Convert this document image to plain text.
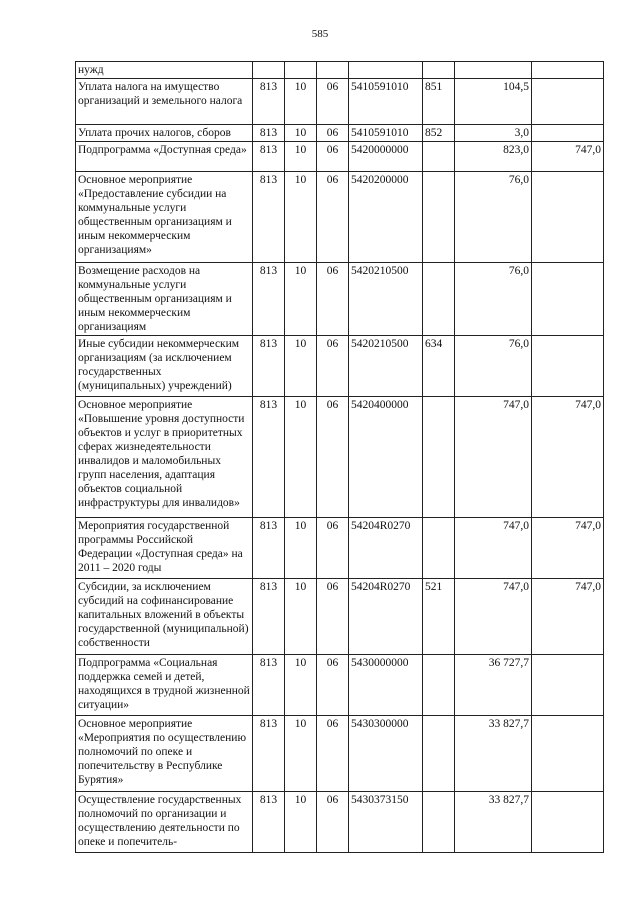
585
нужд							
Уплата налога на имущество организаций и земельного налога	813	10	06	5410591010	851	104,5	
Уплата прочих налогов, сборов	813	10	06	5410591010	852	3,0	
Подпрограмма «Доступная среда»	813	10	06	5420000000		823,0	747,0
Основное мероприятие «Предоставление субсидии на коммунальные услуги общественным организациям и иным некоммерческим организациям»	813	10	06	5420200000		76,0	
Возмещение расходов на коммунальные услуги общественным организациям и иным некоммерческим организациям	813	10	06	5420210500		76,0	
Иные субсидии некоммерческим организациям (за исключением государственных (муниципальных) учреждений)	813	10	06	5420210500	634	76,0	
Основное мероприятие «Повышение уровня доступности объектов и услуг в приоритетных сферах жизнедеятельности инвалидов и маломобильных групп населения, адаптация объектов социальной инфраструктуры для инвалидов»	813	10	06	5420400000		747,0	747,0
Мероприятия государственной программы Российской Федерации «Доступная среда» на 2011 – 2020 годы	813	10	06	54204R0270		747,0	747,0
Субсидии, за исключением субсидий на софинансирование капитальных вложений в объекты государственной (муниципальной) собственности	813	10	06	54204R0270	521	747,0	747,0
Подпрограмма «Социальная поддержка семей и детей, находящихся в трудной жизненной ситуации»	813	10	06	5430000000		36 727,7	
Основное мероприятие «Мероприятия по осуществлению полномочий по опеке и попечительству в Республике Бурятия»	813	10	06	5430300000		33 827,7	
Осуществление государственных полномочий по организации и осуществлению деятельности по опеке и попечитель-	813	10	06	5430373150		33 827,7	
